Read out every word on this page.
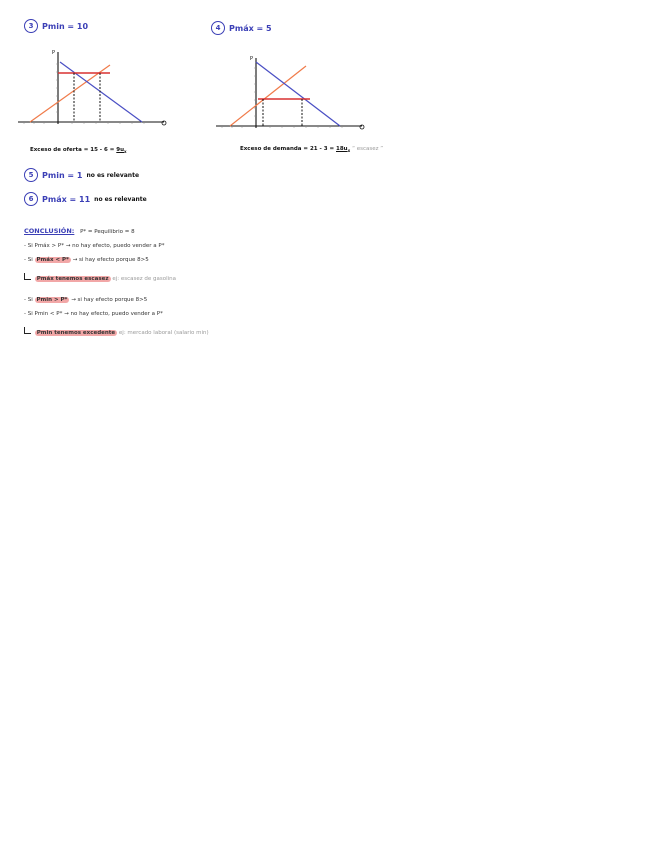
3	Pmin = 10	4	Pmáx = 5
P
P
Exceso de oferta = $15 - 6 = 9u_x$	Exceso de demanda = $21 - 3 = 18u_x$ “ escasez ”
5	Pmin = 1 no es relevante
6	Pmáx = 11 no es relevante
CONCLUSIÓN: P* = Pequilibrio = 8
- Si Pmáx > P* → no hay efecto, puedo vender a P*
- Si Pmáx < P* → si hay efecto porque 8>5
Pmáx tenemos escasez ej: escasez de gasolina
- Si Pmin > P* → si hay efecto porque 8>5
- Si Pmin < P* → no hay efecto, puedo vender a P*
Pmin tenemos excedente ej: mercado laboral (salario min)
